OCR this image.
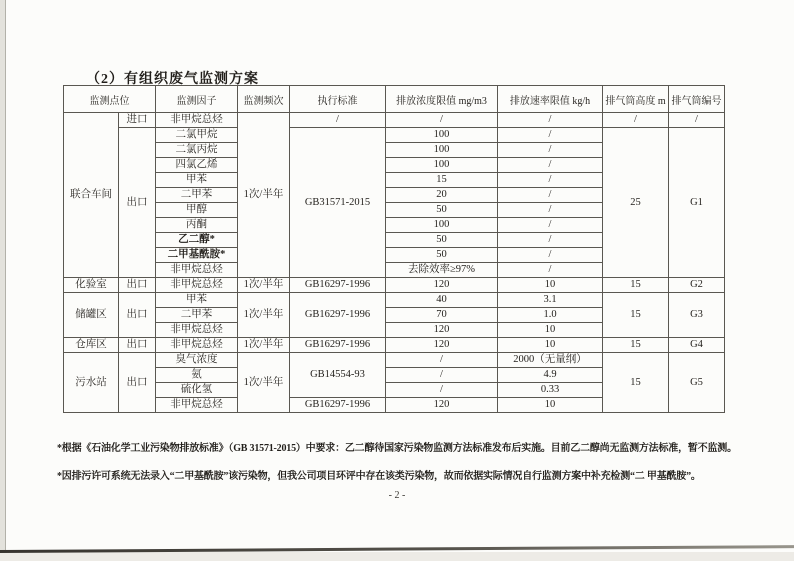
（2）有组织废气监测方案
监测点位		监测因子	监测频次	执行标准	排放浓度限值 mg/m3	排放速率限值 kg/h	排气筒高度 m	排气筒编号
联合车间	进口	非甲烷总烃	1次/半年	/	/	/	/	/
	出口	二氯甲烷		GB31571-2015	100	/	25	G1
		二氯丙烷			100	/		
		四氯乙烯			100	/		
		甲苯			15	/		
		二甲苯			20	/		
		甲醇			50	/		
		丙酮			100	/		
		乙二醇*			50	/		
		二甲基酰胺*			50	/		
		非甲烷总烃			去除效率≥97%	/		
化验室	出口	非甲烷总烃	1次/半年	GB16297-1996	120	10	15	G2
储罐区	出口	甲苯	1次/半年	GB16297-1996	40	3.1	15	G3
		二甲苯			70	1.0		
		非甲烷总烃			120	10		
仓库区	出口	非甲烷总烃	1次/半年	GB16297-1996	120	10	15	G4
污水站	出口	臭气浓度	1次/半年	GB14554-93	/	2000（无量纲）	15	G5
		氨			/	4.9		
		硫化氢			/	0.33		
		非甲烷总烃		GB16297-1996	120	10		

*根据《石油化学工业污染物排放标准》（GB 31571-2015）中要求：乙二醇待国家污染物监测方法标准发布后实施。目前乙二醇尚无监测方法标准，暂不监测。

*因排污许可系统无法录入“二甲基酰胺”该污染物，但我公司项目环评中存在该类污染物，故而依据实际情况自行监测方案中补充检测“二 甲基酰胺”。

- 2 -
